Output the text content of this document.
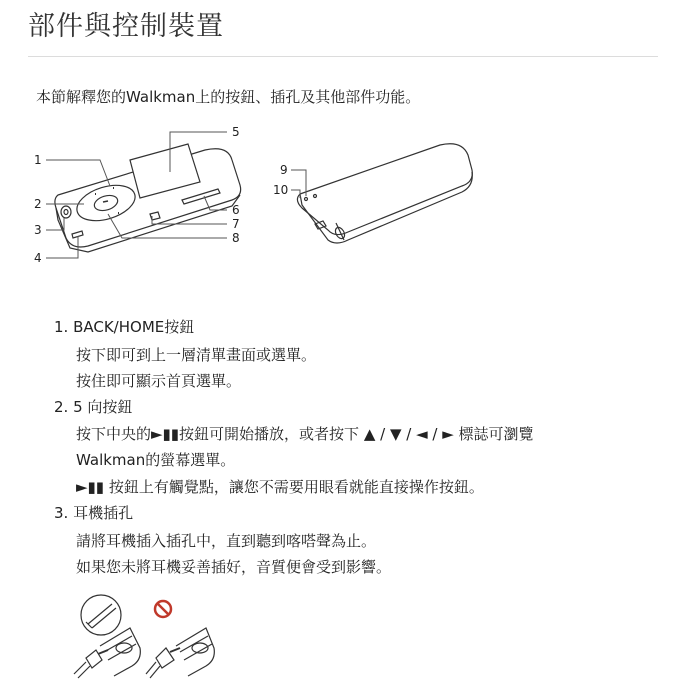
部件與控制裝置

本節解釋您的Walkman上的按鈕、插孔及其他部件功能。

1
2
3
4
5
6
7
8
9
10

1. BACK/HOME按鈕

按下即可到上一層清單畫面或選單。

按住即可顯示首頁選單。

2. 5 向按鈕

按下中央的►▮▮按鈕可開始播放，或者按下 ▲ / ▼ / ◄ / ► 標誌可瀏覽

Walkman的螢幕選單。

►▮▮ 按鈕上有觸覺點，讓您不需要用眼看就能直接操作按鈕。

3. 耳機插孔

請將耳機插入插孔中，直到聽到喀嗒聲為止。

如果您未將耳機妥善插好，音質便會受到影響。
